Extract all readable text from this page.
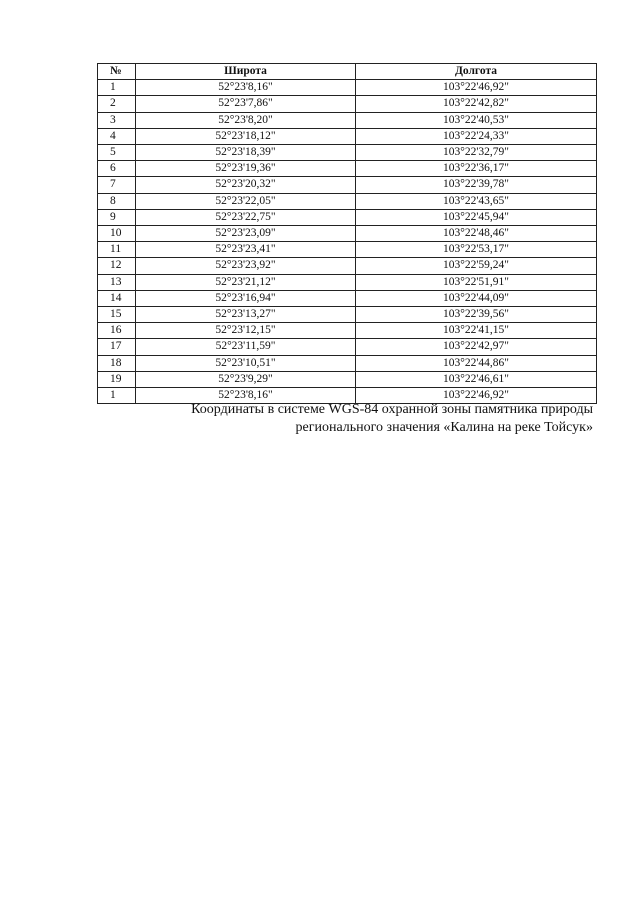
№	Широта	Долгота
1	52°23'8,16"	103°22'46,92"
2	52°23'7,86"	103°22'42,82"
3	52°23'8,20"	103°22'40,53"
4	52°23'18,12"	103°22'24,33"
5	52°23'18,39"	103°22'32,79"
6	52°23'19,36"	103°22'36,17"
7	52°23'20,32"	103°22'39,78"
8	52°23'22,05"	103°22'43,65"
9	52°23'22,75"	103°22'45,94"
10	52°23'23,09"	103°22'48,46"
11	52°23'23,41"	103°22'53,17"
12	52°23'23,92"	103°22'59,24"
13	52°23'21,12"	103°22'51,91"
14	52°23'16,94"	103°22'44,09"
15	52°23'13,27"	103°22'39,56"
16	52°23'12,15"	103°22'41,15"
17	52°23'11,59"	103°22'42,97"
18	52°23'10,51"	103°22'44,86"
19	52°23'9,29"	103°22'46,61"
1	52°23'8,16"	103°22'46,92"
Координаты в системе WGS-84 охранной зоны памятника природы
регионального значения «Калина на реке Тойсук»
